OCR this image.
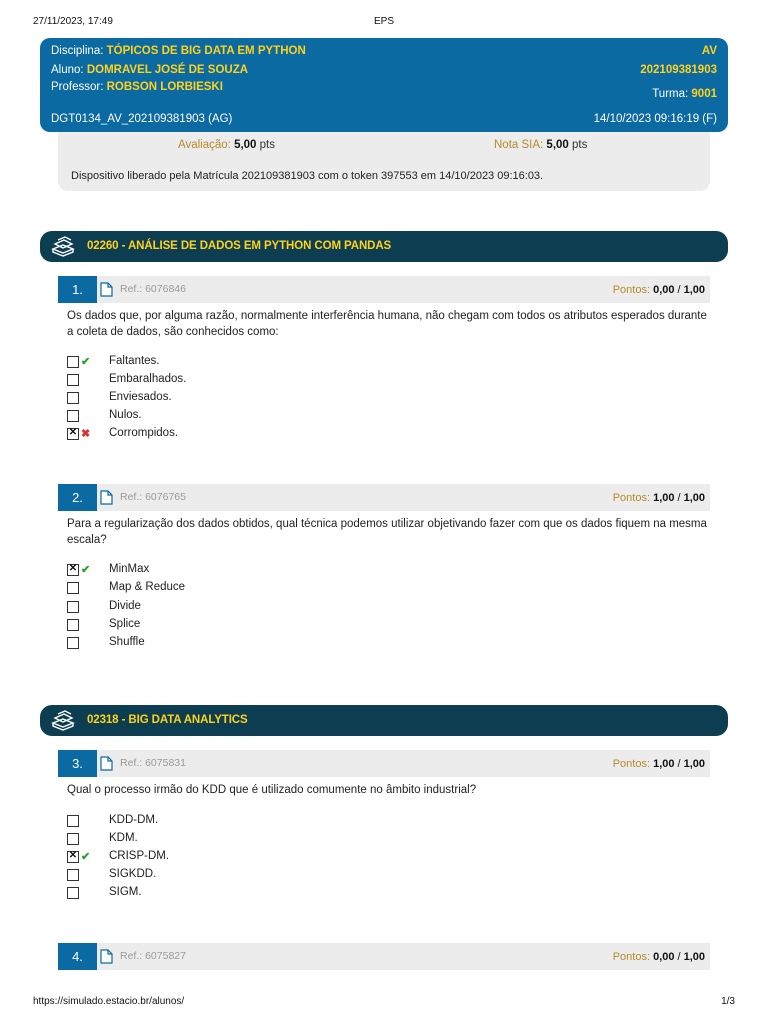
27/11/2023, 17:49	EPS
Disciplina: TÓPICOS DE BIG DATA EM PYTHON
Aluno: DOMRAVEL JOSÉ DE SOUZA
Professor: ROBSON LORBIESKI
AV
202109381903
Turma: 9001
DGT0134_AV_202109381903 (AG)	14/10/2023 09:16:19 (F)
Avaliação: 5,00 pts	Nota SIA: 5,00 pts
Dispositivo liberado pela Matrícula 202109381903 com o token 397553 em 14/10/2023 09:16:03.
02260 - ANÁLISE DE DADOS EM PYTHON COM PANDAS
1.	Ref.: 6076846	Pontos: 0,00 / 1,00
Os dados que, por alguma razão, normalmente interferência humana, não chegam com todos os atributos esperados durante a coleta de dados, são conhecidos como:
✔ Faltantes.
Embaralhados.
Enviesados.
Nulos.
✕
✖ Corrompidos.
2.	Ref.: 6076765	Pontos: 1,00 / 1,00
Para a regularização dos dados obtidos, qual técnica podemos utilizar objetivando fazer com que os dados fiquem na mesma escala?
✕
✔ MinMax
Map & Reduce
Divide
Splice
Shuffle
02318 - BIG DATA ANALYTICS
3.	Ref.: 6075831	Pontos: 1,00 / 1,00
Qual o processo irmão do KDD que é utilizado comumente no âmbito industrial?
KDD-DM.
KDM.
✕
✔ CRISP-DM.
SIGKDD.
SIGM.
4.	Ref.: 6075827	Pontos: 0,00 / 1,00
https://simulado.estacio.br/alunos/	1/3
